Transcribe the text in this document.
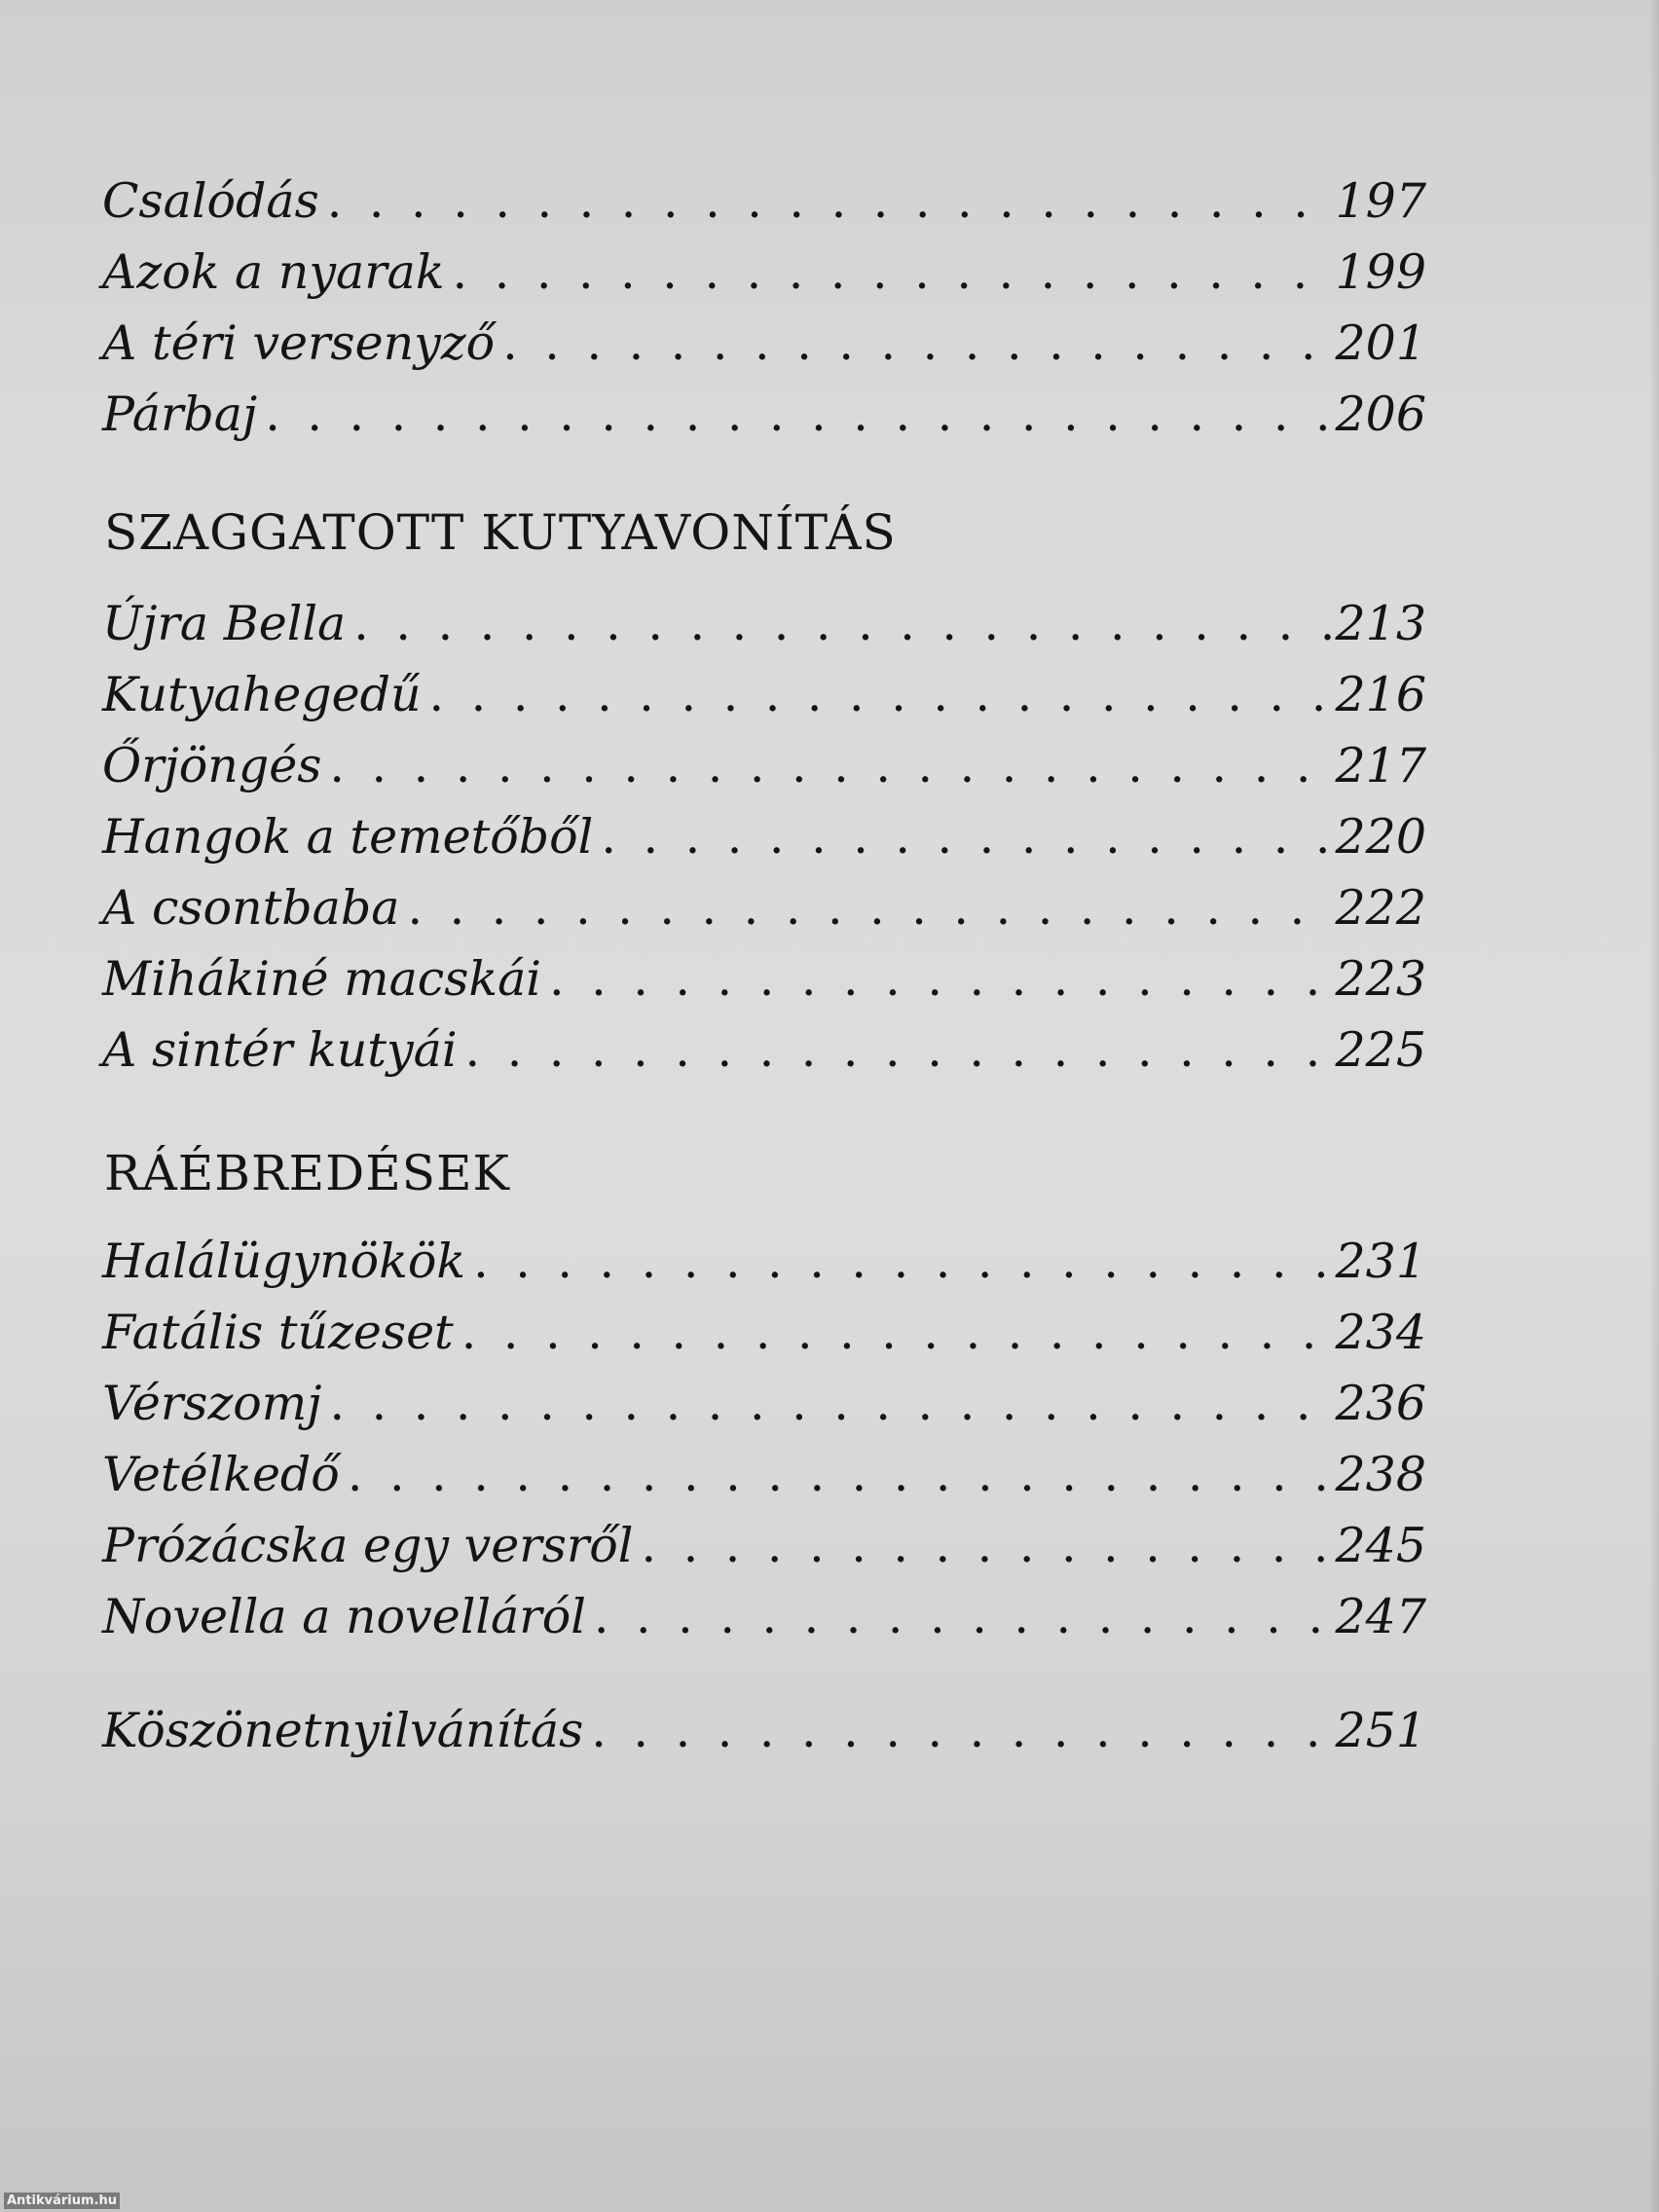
Csalódás . . .	197
Azok a nyarak . . .	199
A téri versenyző . . .	201
Párbaj . . .	206
SZAGGATOTT KUTYAVONÍTÁS
Újra Bella . . .	213
Kutyahegedű . . .	216
Őrjöngés . . .	217
Hangok a temetőből . . .	220
A csontbaba . . .	222
Mihákiné macskái . . .	223
A sintér kutyái . . .	225
RÁÉBREDÉSEK
Halálügynökök . . .	231
Fatális tűzeset . . .	234
Vérszomj . . .	236
Vetélkedő . . .	238
Prózácska egy versről . . .	245
Novella a novelláról . . .	247
Köszönetnyilvánítás . . .	251
Antikvárium.hu
